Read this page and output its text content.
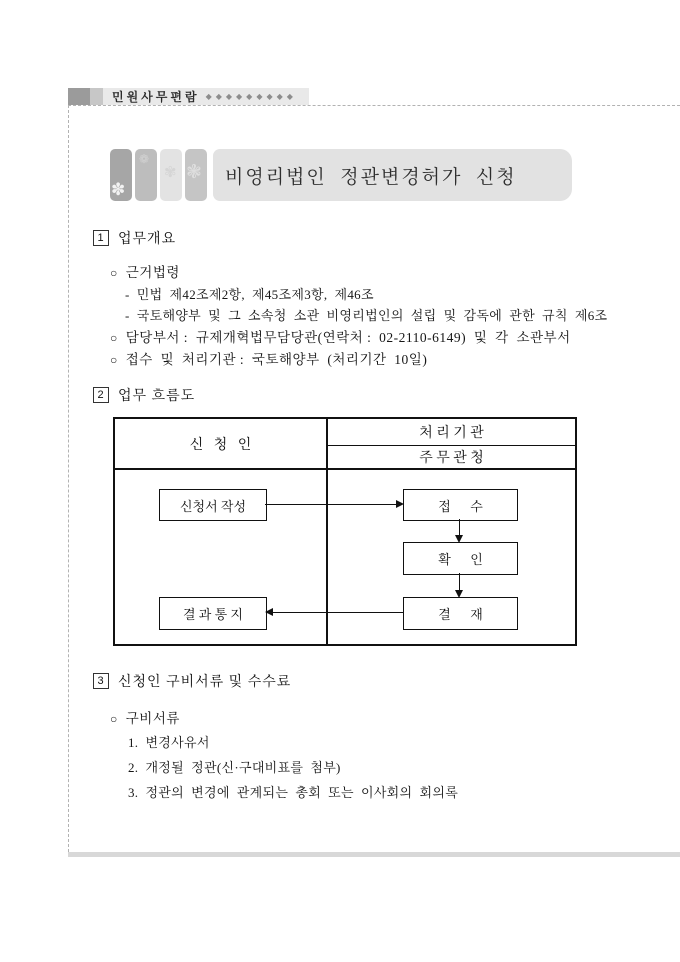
민원사무편람 ◆◆◆◆◆◆◆◆◆
✽
❁
✾ ❃	비영리법인  정관변경허가  신청
1 업무개요
○ 근거법령
-  민법  제42조제2항,  제45조제3항,  제46조
-  국토해양부  및  그  소속청  소관  비영리법인의  설립  및  감독에  관한  규칙  제6조
○ 담당부서 :  규제개혁법무담당관(연락처 :  02-2110-6149)  및  각  소관부서
○ 접수  및  처리기관 :  국토해양부  (처리기간  10일)
2 업무 흐름도
신   청   인
처 리 기 관
주 무 관 청
신청서 작성	접      수
확      인
결      재
결 과 통 지
3 신청인 구비서류 및 수수료
○ 구비서류
1.  변경사유서
2.  개정될  정관(신·구대비표를  첨부)
3.  정관의  변경에  관계되는  총회  또는  이사회의  회의록
